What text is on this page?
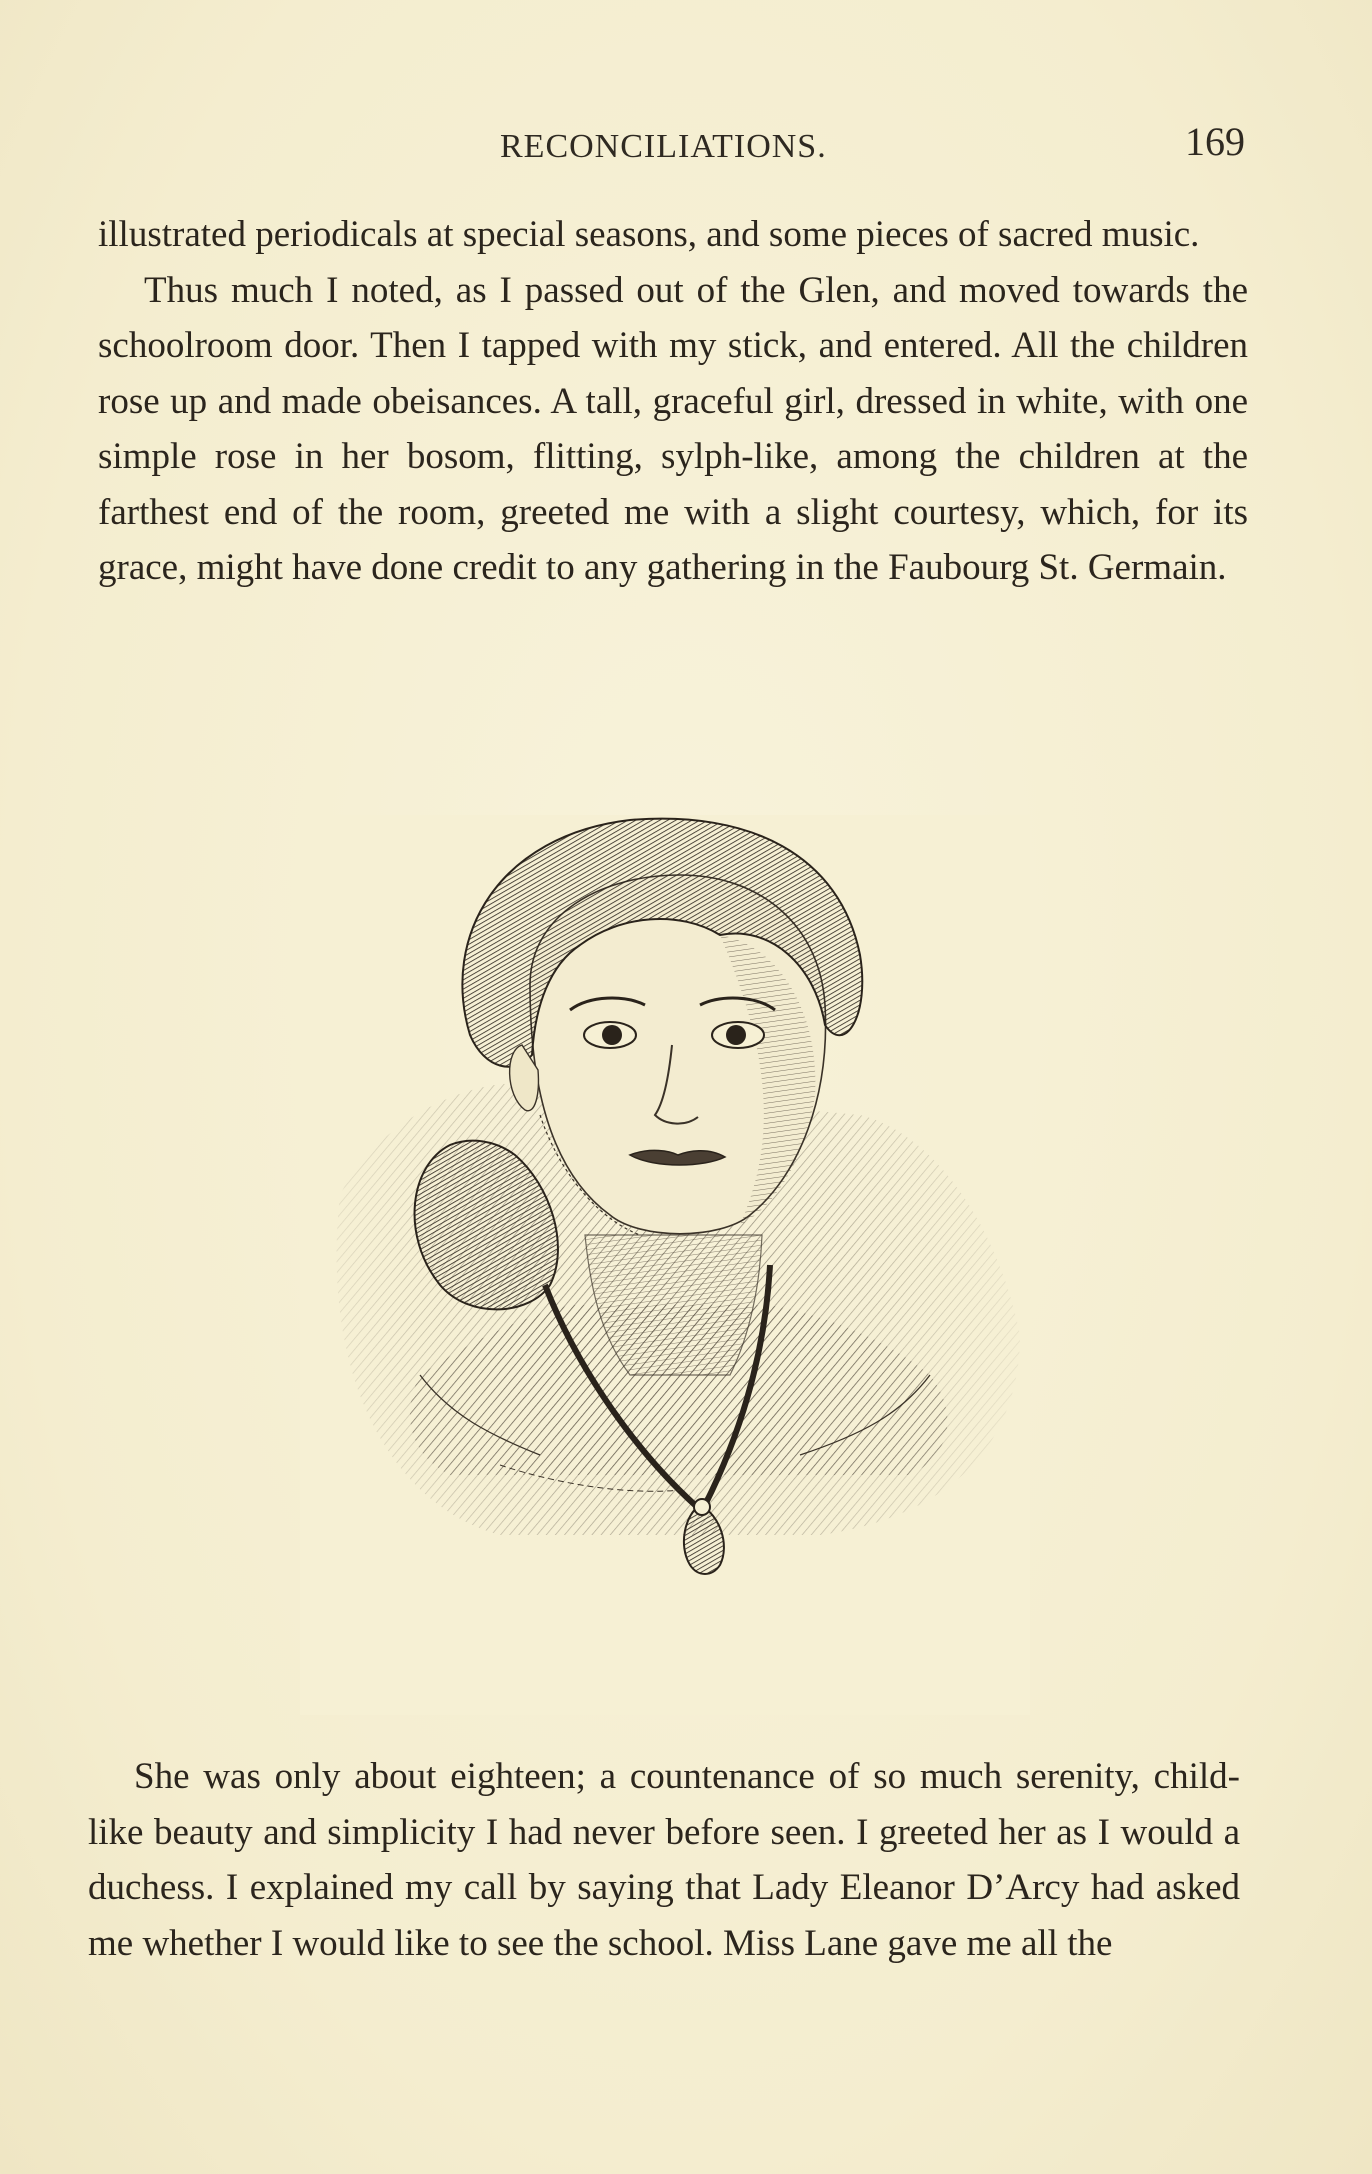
RECONCILIATIONS.	169

illustrated periodicals at special seasons, and some pieces of sacred music.

Thus much I noted, as I passed out of the Glen, and moved towards the schoolroom door. Then I tapped with my stick, and entered. All the children rose up and made obeisances. A tall, graceful girl, dressed in white, with one simple rose in her bosom, flitting, sylph-like, among the children at the farthest end of the room, greeted me with a slight courtesy, which, for its grace, might have done credit to any gathering in the Faubourg St. Germain.

She was only about eighteen; a countenance of so much serenity, child-like beauty and simplicity I had never before seen. I greeted her as I would a duchess. I explained my call by saying that Lady Eleanor D’Arcy had asked me whether I would like to see the school. Miss Lane gave me all the
